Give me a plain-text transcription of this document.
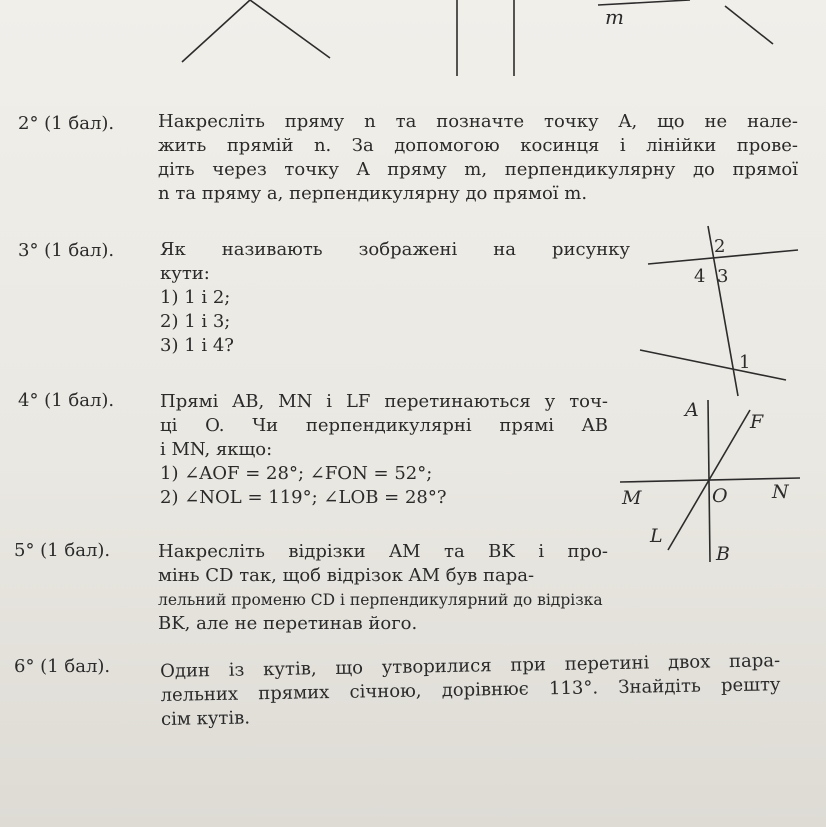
m
2° (1 бал). Накресліть пряму n та позначте точку A, що не нале-

жить прямій n. За допомогою косинця і лінійки прове-

діть через точку A пряму m, перпендикулярну до прямої

n та пряму a, перпендикулярну до прямої m.

3° (1 бал).	Як називають зображені на рисунку

кути:

1) 1 і 2;

2) 1 і 3;

3) 1 і 4?

2
4 3
1
4° (1 бал).	Прямі AB, MN і LF перетинаються у точ-

ці O. Чи перпендикулярні прямі AB

і MN, якщо:

1) ∠AOF = 28°; ∠FON = 52°;

2) ∠NOL = 119°; ∠LOB = 28°?

A
F
M	O N
L
B
5° (1 бал).	Накресліть відрізки AM та BK і про-

мінь CD так, щоб відрізок AM був пара-

лельний променю CD і перпендикулярний до відрізка

BK, але не перетинав його.

6° (1 бал).	Один із кутів, що утворилися при перетині двох пара-

лельних прямих січною, дорівнює 113°. Знайдіть решту

сім кутів.
